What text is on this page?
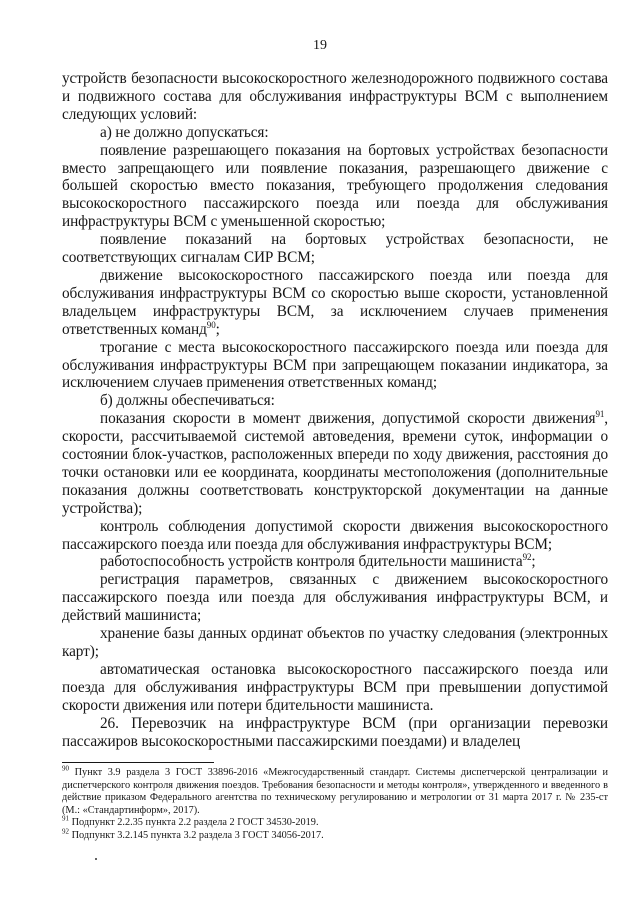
19

устройств безопасности высокоскоростного железнодорожного подвижного состава и подвижного состава для обслуживания инфраструктуры ВСМ с выполнением следующих условий:

а) не должно допускаться:

появление разрешающего показания на бортовых устройствах безопасности вместо запрещающего или появление показания, разрешающего движение с большей скоростью вместо показания, требующего продолжения следования высокоскоростного пассажирского поезда или поезда для обслуживания инфраструктуры ВСМ с уменьшенной скоростью;

появление показаний на бортовых устройствах безопасности, не соответствующих сигналам СИР ВСМ;

движение высокоскоростного пассажирского поезда или поезда для обслуживания инфраструктуры ВСМ со скоростью выше скорости, установленной владельцем инфраструктуры ВСМ, за исключением случаев применения ответственных команд$^{90}$;

трогание с места высокоскоростного пассажирского поезда или поезда для обслуживания инфраструктуры ВСМ при запрещающем показании индикатора, за исключением случаев применения ответственных команд;

б) должны обеспечиваться:

показания скорости в момент движения, допустимой скорости движения$^{91}$, скорости, рассчитываемой системой автоведения, времени суток, информации о состоянии блок-участков, расположенных впереди по ходу движения, расстояния до точки остановки или ее координата, координаты местоположения (дополнительные показания должны соответствовать конструкторской документации на данные устройства);

контроль соблюдения допустимой скорости движения высокоскоростного пассажирского поезда или поезда для обслуживания инфраструктуры ВСМ;

работоспособность устройств контроля бдительности машиниста$^{92}$;

регистрация параметров, связанных с движением высокоскоростного пассажирского поезда или поезда для обслуживания инфраструктуры ВСМ, и действий машиниста;

хранение базы данных ординат объектов по участку следования (электронных карт);

автоматическая остановка высокоскоростного пассажирского поезда или поезда для обслуживания инфраструктуры ВСМ при превышении допустимой скорости движения или потери бдительности машиниста.

26. Перевозчик на инфраструктуре ВСМ (при организации перевозки пассажиров высокоскоростными пассажирскими поездами) и владелец

$^{90}$ Пункт 3.9 раздела 3 ГОСТ 33896-2016 «Межгосударственный стандарт. Системы диспетчерской централизации и диспетчерского контроля движения поездов. Требования безопасности и методы контроля», утвержденного и введенного в действие приказом Федерального агентства по техническому регулированию и метрологии от 31 марта 2017 г. № 235-ст (М.: «Стандартинформ», 2017).

$^{91}$ Подпункт 2.2.35 пункта 2.2 раздела 2 ГОСТ 34530-2019.

$^{92}$ Подпункт 3.2.145 пункта 3.2 раздела 3 ГОСТ 34056-2017.
